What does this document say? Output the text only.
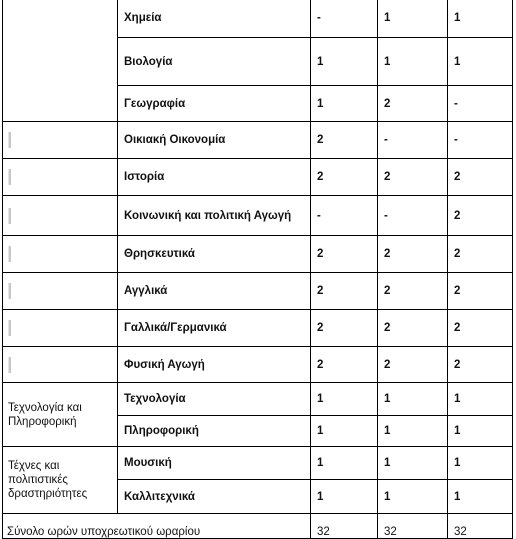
	Χημεία	-	1	1
	Βιολογία	1	1	1
	Γεωγραφία	1	2	-

	Οικιακή Οικονομία	2	-	-

	Ιστορία	2	2	2

	Κοινωνική και πολιτική Αγωγή	-	-	2

	Θρησκευτικά	2	2	2

	Αγγλικά	2	2	2

	Γαλλικά/Γερμανικά	2	2	2

	Φυσική Αγωγή	2	2	2
Τεχνολογία και Πληροφορική	Τεχνολογία	1	1	1
	Πληροφορική	1	1	1
Τέχνες και πολιτιστικές δραστηριότητες	Μουσική	1	1	1
	Καλλιτεχνικά	1	1	1
Σύνολο ωρών υποχρεωτικού ωραρίου		32	32	32
